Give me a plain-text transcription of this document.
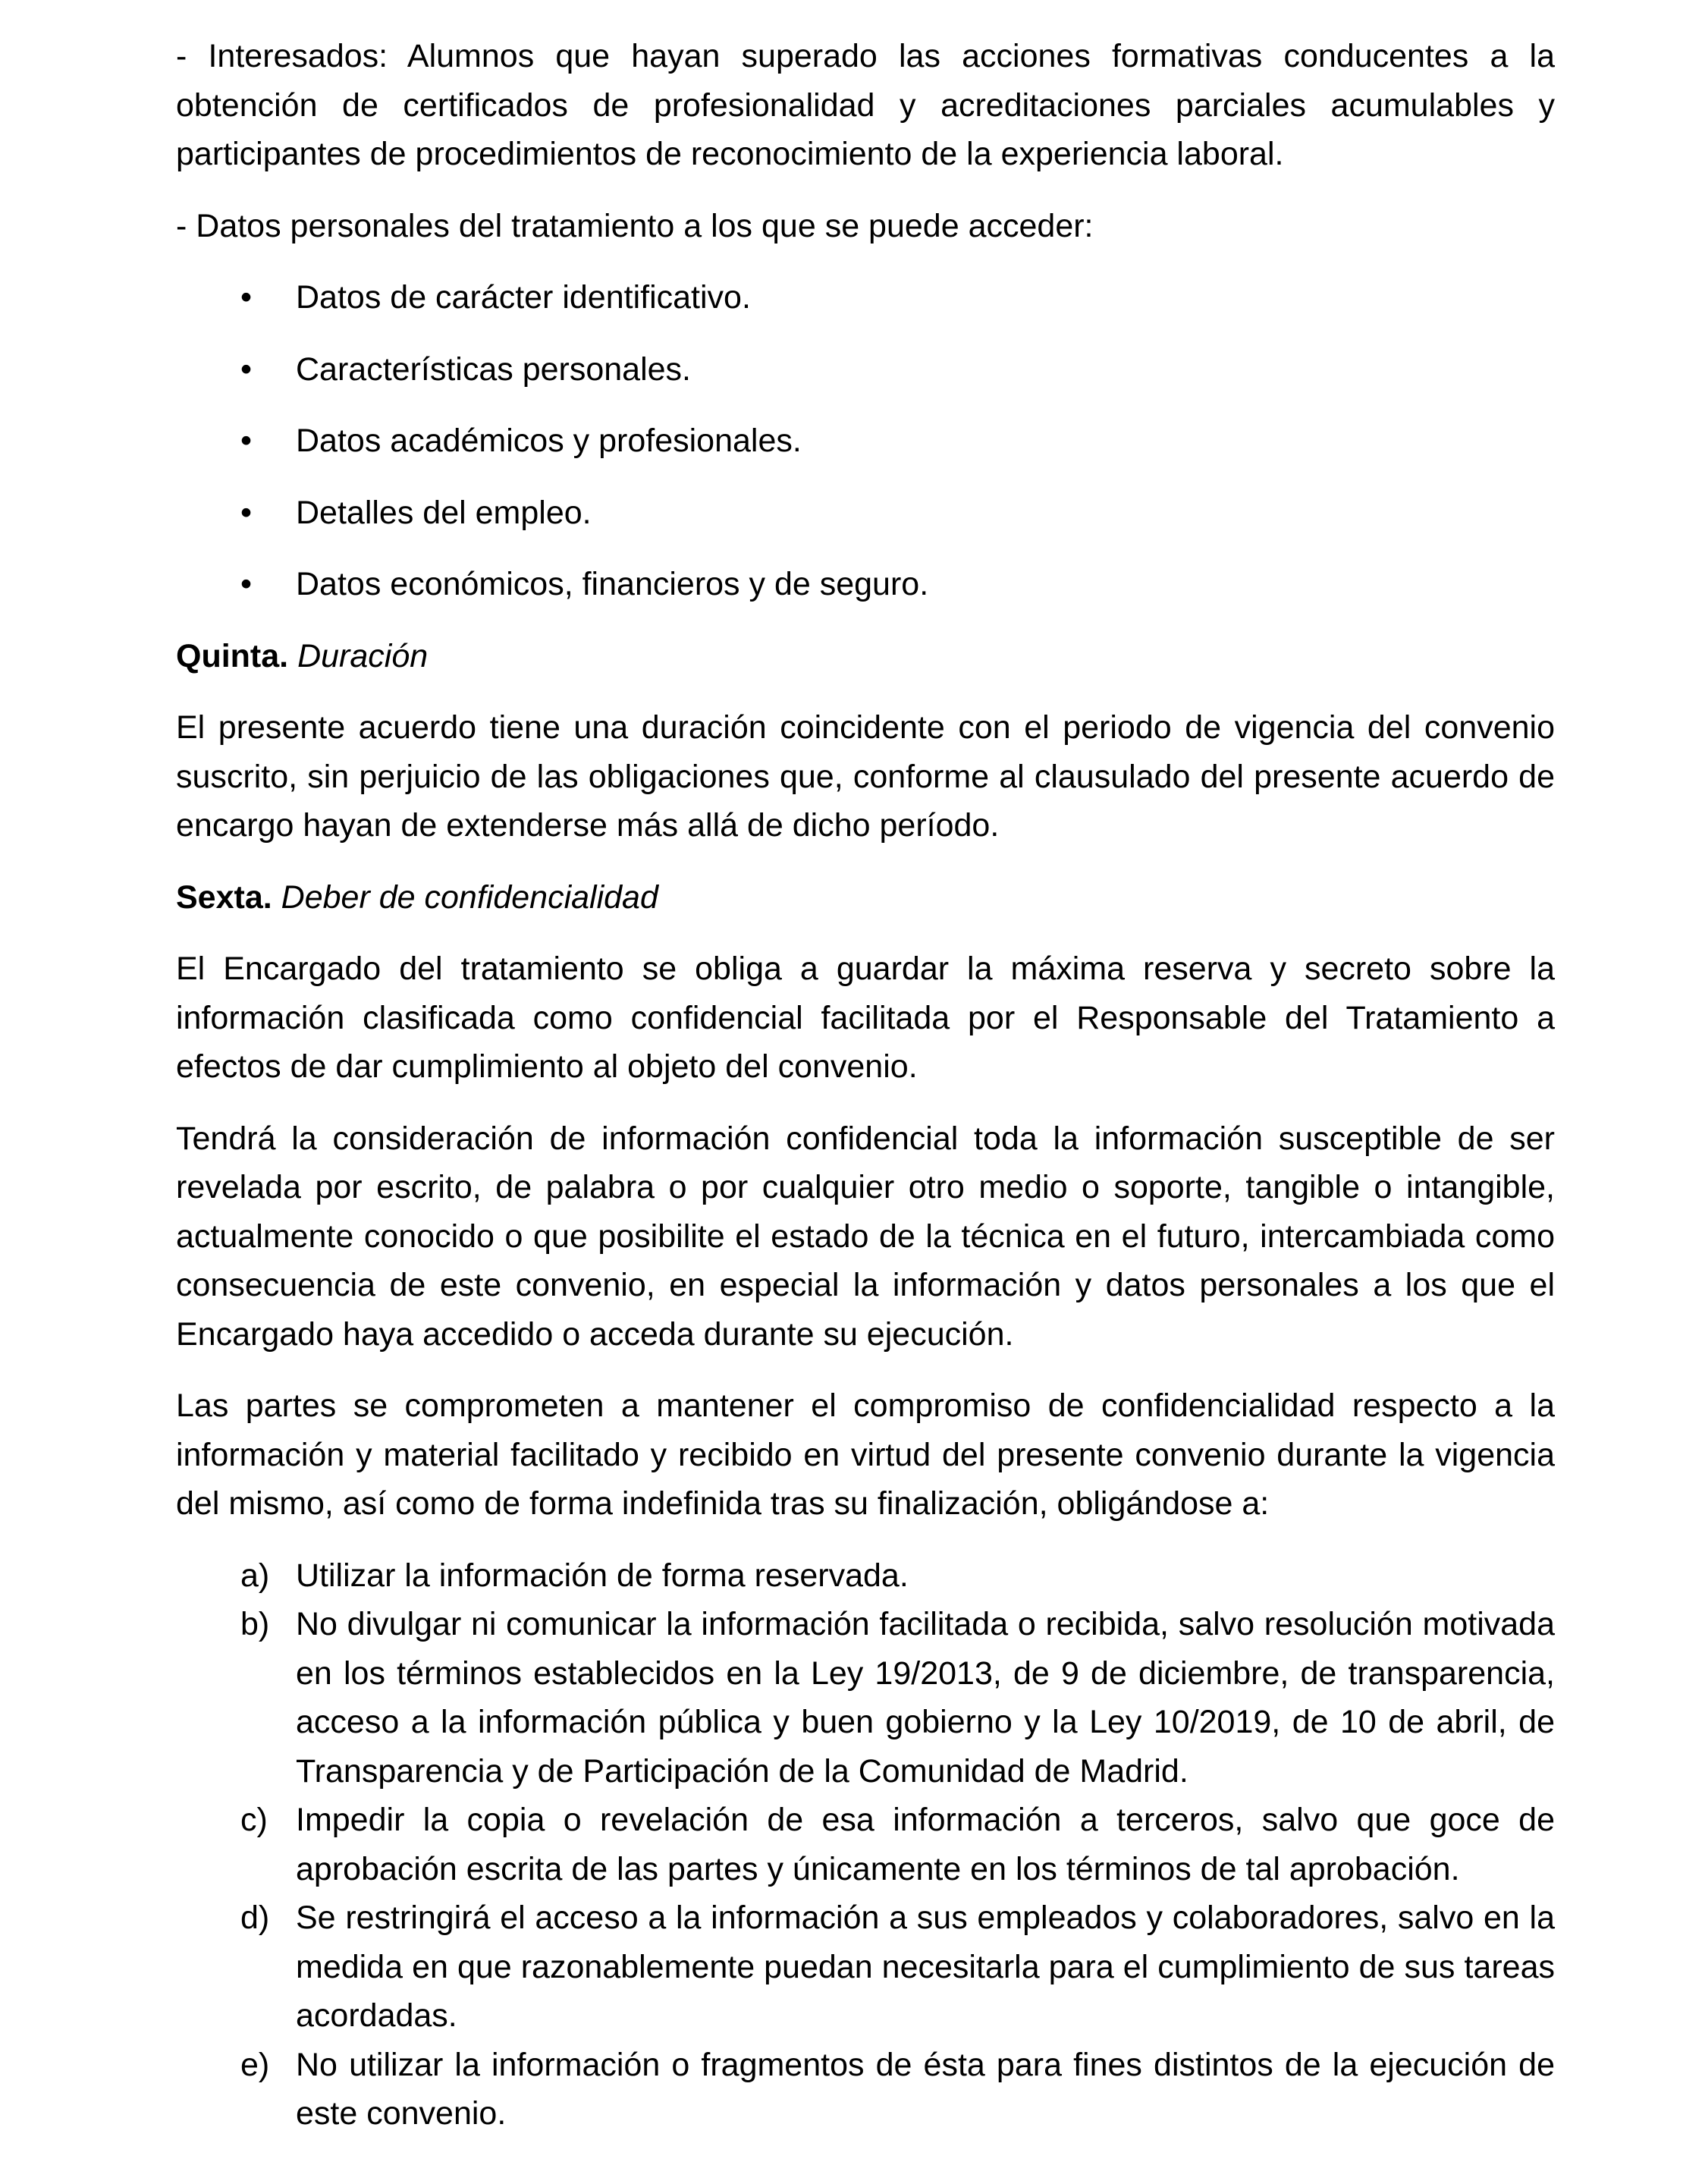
- Interesados: Alumnos que hayan superado las acciones formativas conducentes a la obtención de certificados de profesionalidad y acreditaciones parciales acumulables y participantes de procedimientos de reconocimiento de la experiencia laboral.

- Datos personales del tratamiento a los que se puede acceder:

• Datos de carácter identificativo.
• Características personales.
• Datos académicos y profesionales.
• Detalles del empleo.
• Datos económicos, financieros y de seguro.

Quinta. Duración

El presente acuerdo tiene una duración coincidente con el periodo de vigencia del convenio suscrito, sin perjuicio de las obligaciones que, conforme al clausulado del presente acuerdo de encargo hayan de extenderse más allá de dicho período.

Sexta. Deber de confidencialidad

El Encargado del tratamiento se obliga a guardar la máxima reserva y secreto sobre la información clasificada como confidencial facilitada por el Responsable del Tratamiento a efectos de dar cumplimiento al objeto del convenio.

Tendrá la consideración de información confidencial toda la información susceptible de ser revelada por escrito, de palabra o por cualquier otro medio o soporte, tangible o intangible, actualmente conocido o que posibilite el estado de la técnica en el futuro, intercambiada como consecuencia de este convenio, en especial la información y datos personales a los que el Encargado haya accedido o acceda durante su ejecución.

Las partes se comprometen a mantener el compromiso de confidencialidad respecto a la información y material facilitado y recibido en virtud del presente convenio durante la vigencia del mismo, así como de forma indefinida tras su finalización, obligándose a:

a) Utilizar la información de forma reservada.
b) No divulgar ni comunicar la información facilitada o recibida, salvo resolución motivada en los términos establecidos en la Ley 19/2013, de 9 de diciembre, de transparencia, acceso a la información pública y buen gobierno y la Ley 10/2019, de 10 de abril, de Transparencia y de Participación de la Comunidad de Madrid.
c) Impedir la copia o revelación de esa información a terceros, salvo que goce de aprobación escrita de las partes y únicamente en los términos de tal aprobación.
d) Se restringirá el acceso a la información a sus empleados y colaboradores, salvo en la medida en que razonablemente puedan necesitarla para el cumplimiento de sus tareas acordadas.
e) No utilizar la información o fragmentos de ésta para fines distintos de la ejecución de este convenio.
